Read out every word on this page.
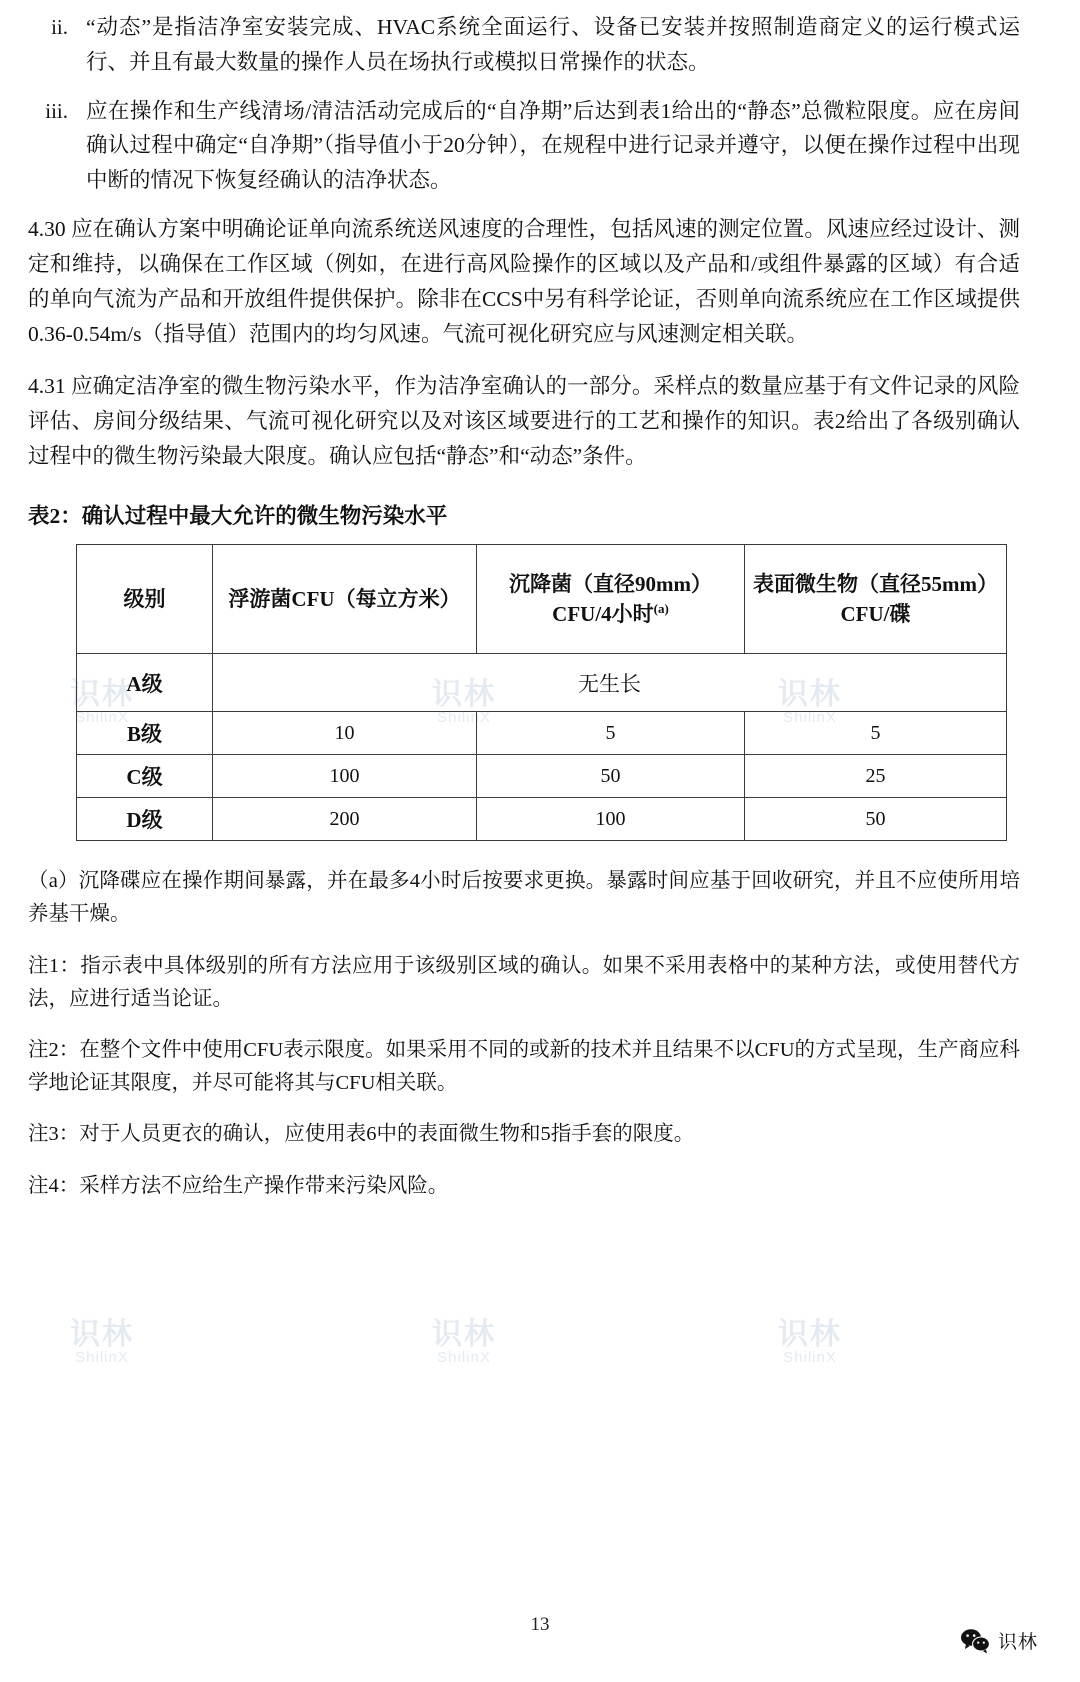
识林
ShilinX
识林
ShilinX
识林
ShilinX
识林
ShilinX
识林
ShilinX
识林
ShilinX
ii. “动态”是指洁净室安装完成、HVAC系统全面运行、设备已安装并按照制造商定义的运行模式运行、并且有最大数量的操作人员在场执行或模拟日常操作的状态。
iii. 应在操作和生产线清场/清洁活动完成后的“自净期”后达到表1给出的“静态”总微粒限度。应在房间确认过程中确定“自净期”（指导值小于20分钟），在规程中进行记录并遵守，以便在操作过程中出现中断的情况下恢复经确认的洁净状态。

4.30 应在确认方案中明确论证单向流系统送风速度的合理性，包括风速的测定位置。风速应经过设计、测定和维持，以确保在工作区域（例如，在进行高风险操作的区域以及产品和/或组件暴露的区域）有合适的单向气流为产品和开放组件提供保护。除非在CCS中另有科学论证，否则单向流系统应在工作区域提供0.36-0.54m/s（指导值）范围内的均匀风速。气流可视化研究应与风速测定相关联。

4.31 应确定洁净室的微生物污染水平，作为洁净室确认的一部分。采样点的数量应基于有文件记录的风险评估、房间分级结果、气流可视化研究以及对该区域要进行的工艺和操作的知识。表2给出了各级别确认过程中的微生物污染最大限度。确认应包括“静态”和“动态”条件。

表2：确认过程中最大允许的微生物污染水平
级别	浮游菌CFU（每立方米）	沉降菌（直径90mm）CFU/4小时$^{(a)}$	表面微生物（直径55mm）CFU/碟
A级	无生长		
B级	10	5	5
C级	100	50	25
D级	200	100	50

（a）沉降碟应在操作期间暴露，并在最多4小时后按要求更换。暴露时间应基于回收研究，并且不应使所用培养基干燥。

注1：指示表中具体级别的所有方法应用于该级别区域的确认。如果不采用表格中的某种方法，或使用替代方法，应进行适当论证。

注2：在整个文件中使用CFU表示限度。如果采用不同的或新的技术并且结果不以CFU的方式呈现，生产商应科学地论证其限度，并尽可能将其与CFU相关联。

注3：对于人员更衣的确认，应使用表6中的表面微生物和5指手套的限度。

注4：采样方法不应给生产操作带来污染风险。

13
识林
